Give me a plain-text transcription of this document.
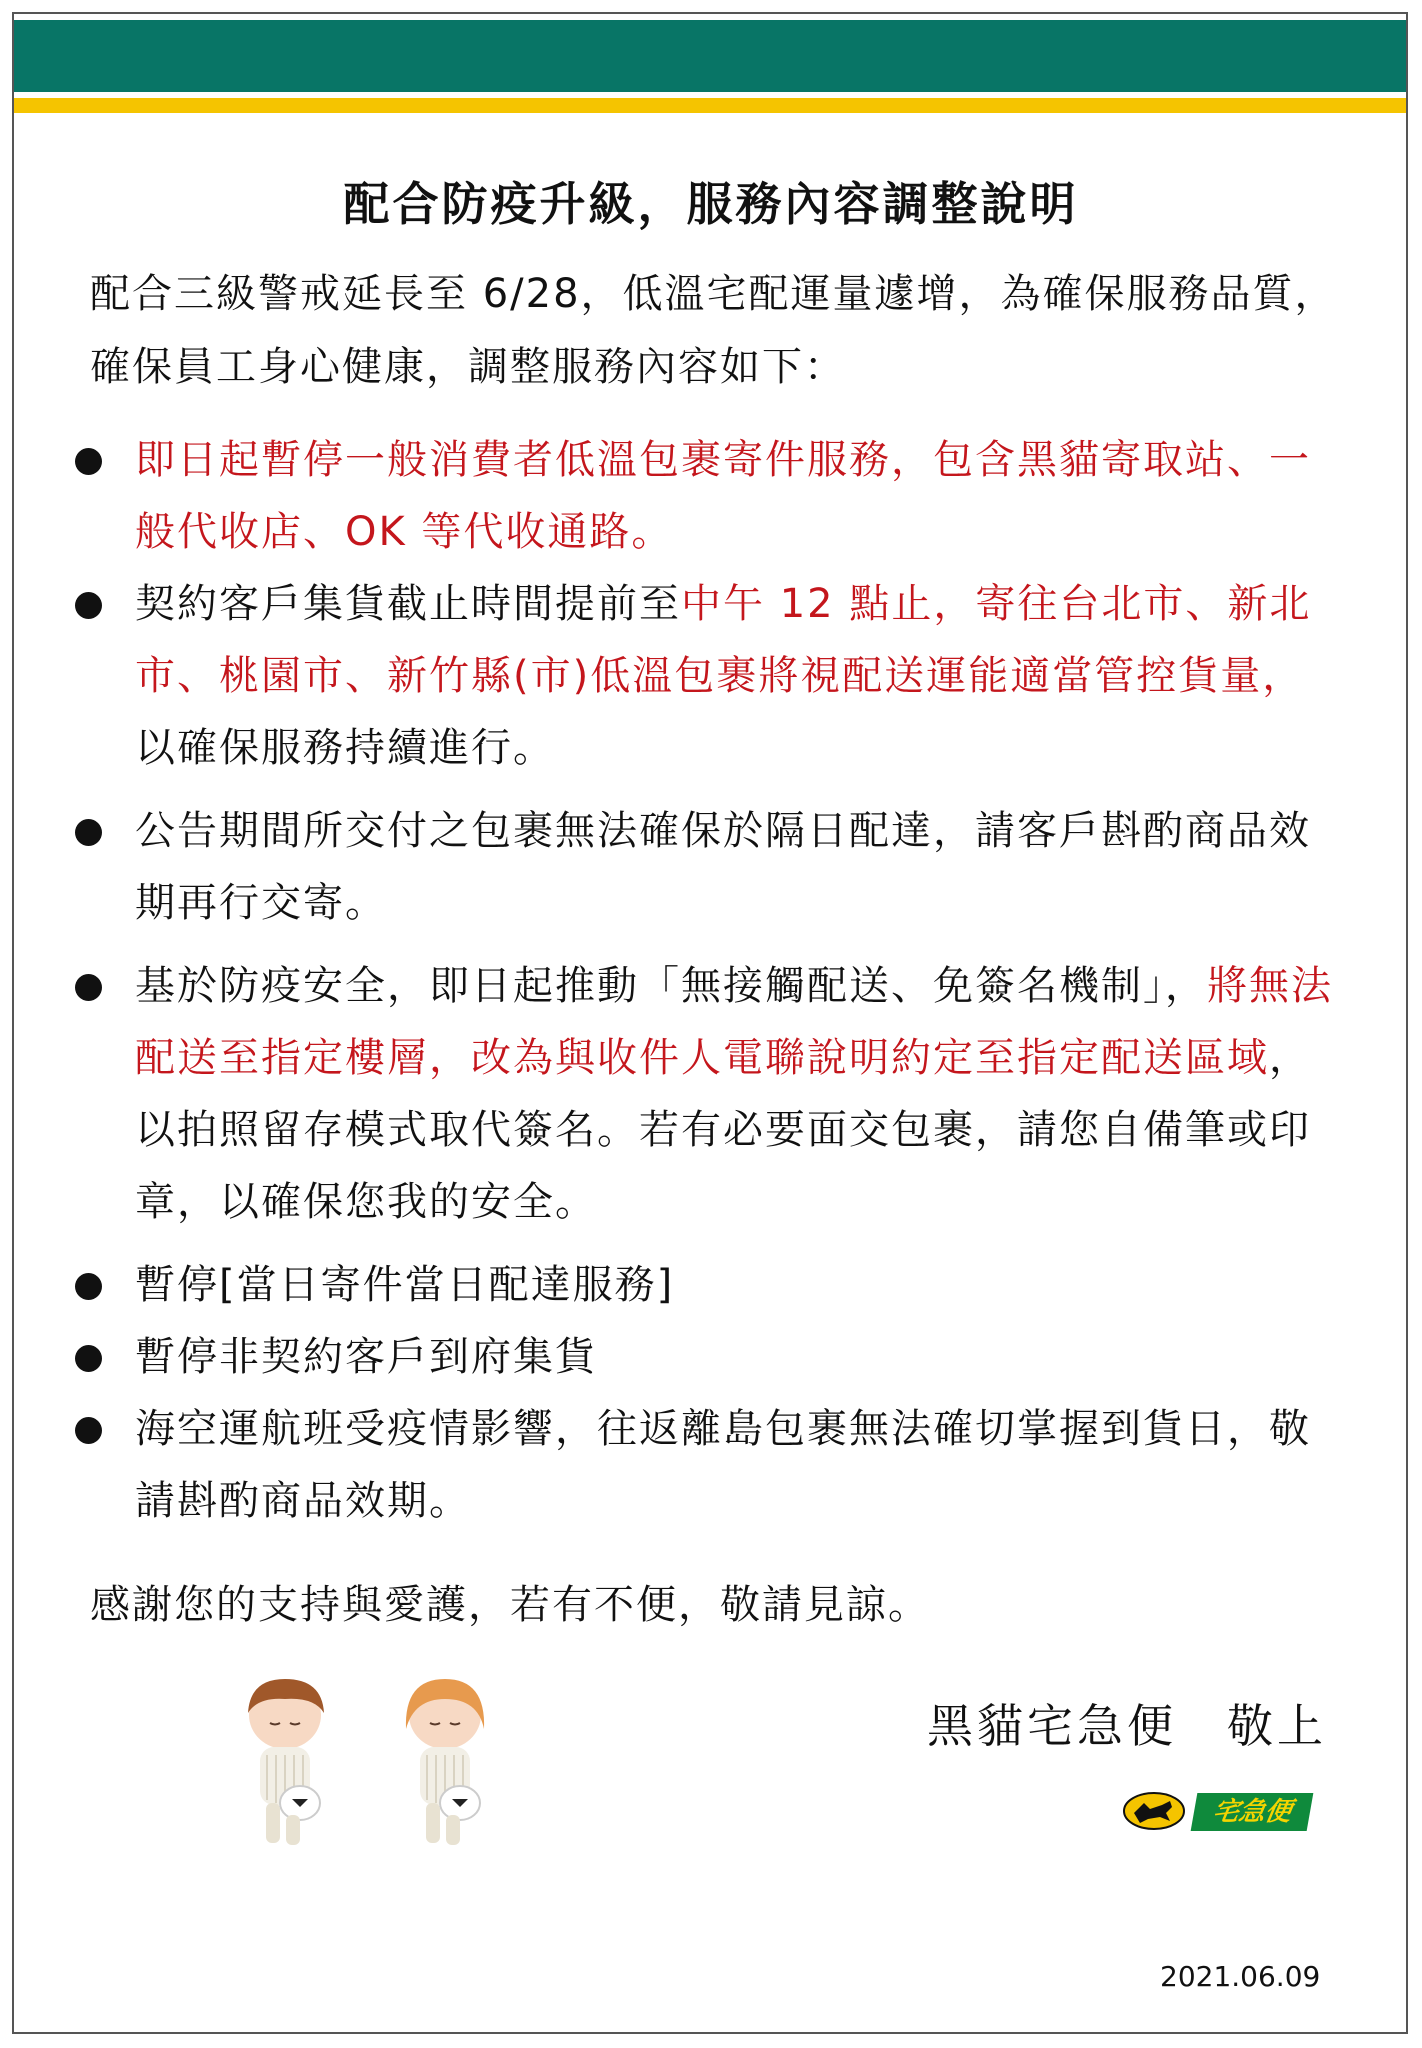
配合防疫升級，服務內容調整說明
配合三級警戒延長至 6/28，低溫宅配運量遽增，為確保服務品質，確保員工身心健康，調整服務內容如下：
即日起暫停一般消費者低溫包裹寄件服務，包含黑貓寄取站、一般代收店、OK 等代收通路。
契約客戶集貨截止時間提前至中午 12 點止，寄往台北市、新北市、桃園市、新竹縣(市)低溫包裹將視配送運能適當管控貨量，以確保服務持續進行。
公告期間所交付之包裹無法確保於隔日配達，請客戶斟酌商品效期再行交寄。
基於防疫安全，即日起推動「無接觸配送、免簽名機制」，將無法配送至指定樓層，改為與收件人電聯說明約定至指定配送區域，以拍照留存模式取代簽名。若有必要面交包裹，請您自備筆或印章，以確保您我的安全。
暫停[當日寄件當日配達服務]
暫停非契約客戶到府集貨
海空運航班受疫情影響，往返離島包裹無法確切掌握到貨日，敬請斟酌商品效期。
感謝您的支持與愛護，若有不便，敬請見諒。
黑貓宅急便　敬上
宅急便
2021.06.09
